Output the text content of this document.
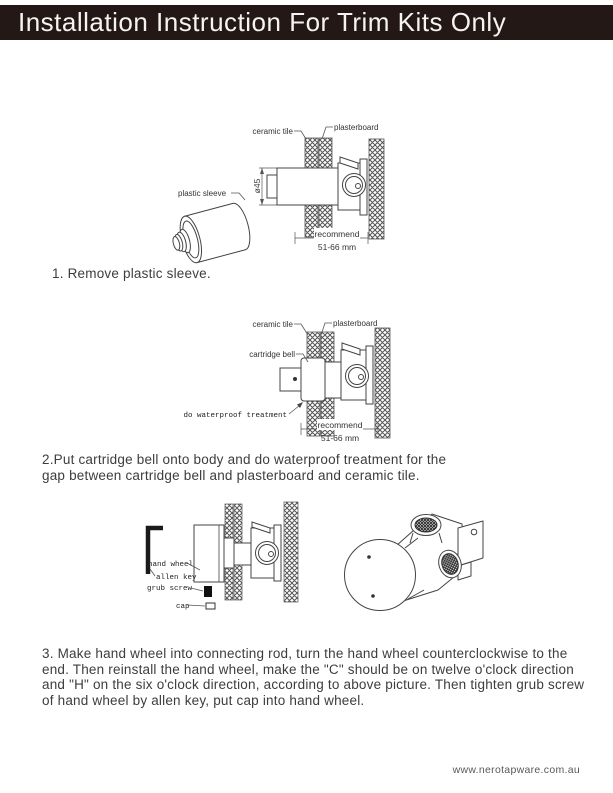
Installation Instruction For Trim Kits Only
ø45
ceramic tile	plasterboard
plastic sleeve
recommend
51-66 mm
ceramic tile	plasterboard
cartridge bell
do waterproof treatment
recommend
51-66 mm
hand wheel
allen key
grub screw
cap
1. Remove plastic sleeve.
2.Put cartridge bell onto body and do waterproof treatment for the
gap between cartridge bell and plasterboard and ceramic tile.
3. Make hand wheel into connecting rod, turn the hand wheel counterclockwise to the
end. Then reinstall the hand wheel, make the "C" should be on twelve o'clock direction
and "H" on the six o'clock direction, according to above picture. Then tighten grub screw
of hand wheel by allen key, put cap into hand wheel.
www.nerotapware.com.au
